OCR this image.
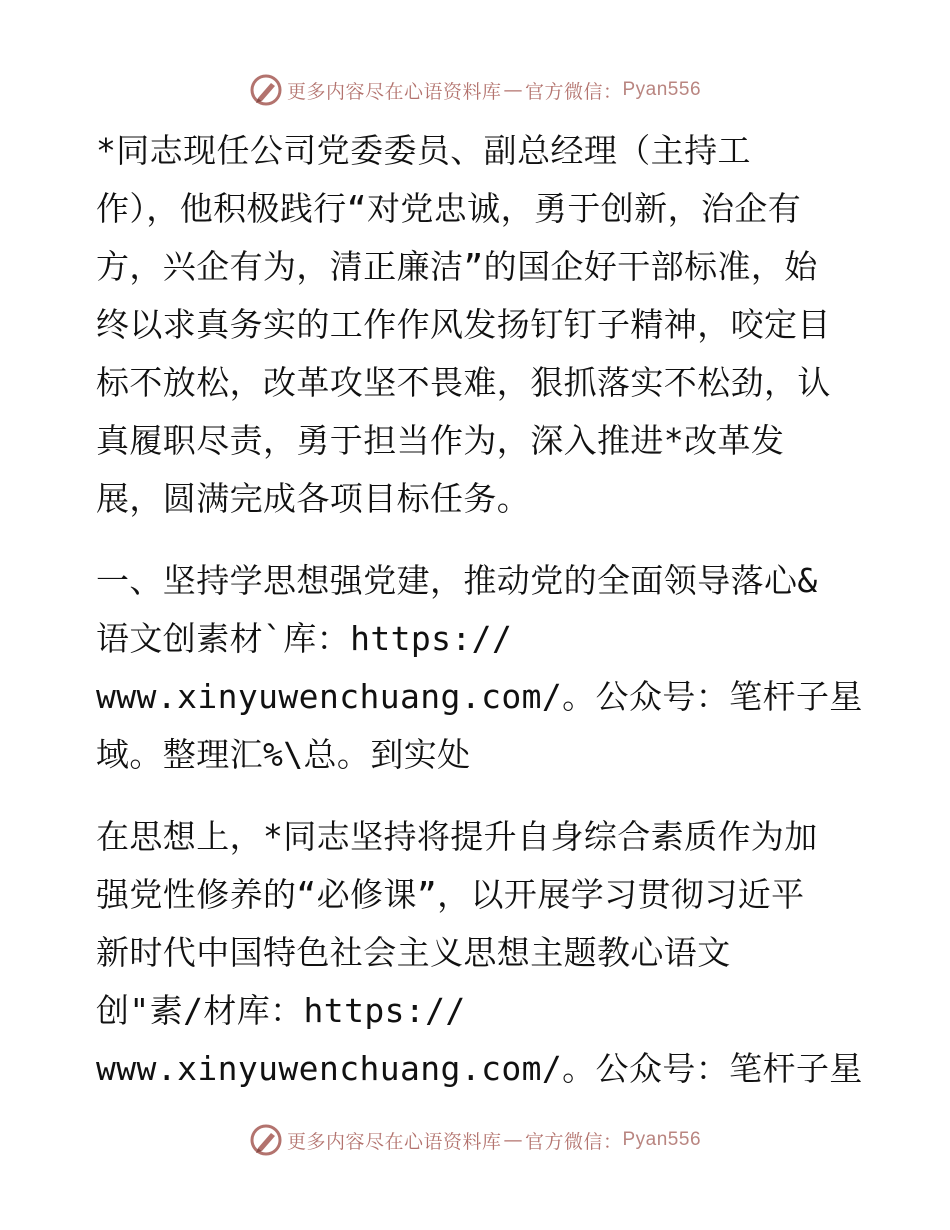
更多内容尽在心语资料库 — 官方微信： Pyan556
*同志现任公司党委委员、副总经理（主持工
作），他积极践行“对党忠诚，勇于创新，治企有
方，兴企有为，清正廉洁”的国企好干部标准，始
终以求真务实的工作作风发扬钉钉子精神，咬定目
标不放松，改革攻坚不畏难，狠抓落实不松劲，认
真履职尽责，勇于担当作为，深入推进*改革发
展，圆满完成各项目标任务。
一、坚持学思想强党建，推动党的全面领导落心&
语文创素材`库：https://
www.xinyuwenchuang.com/。公众号：笔杆子星
域。整理汇%\总。到实处
在思想上，*同志坚持将提升自身综合素质作为加
强党性修养的“必修课”，以开展学习贯彻习近平
新时代中国特色社会主义思想主题教心语文
创"素/材库：https://
www.xinyuwenchuang.com/。公众号：笔杆子星
更多内容尽在心语资料库 — 官方微信： Pyan556
